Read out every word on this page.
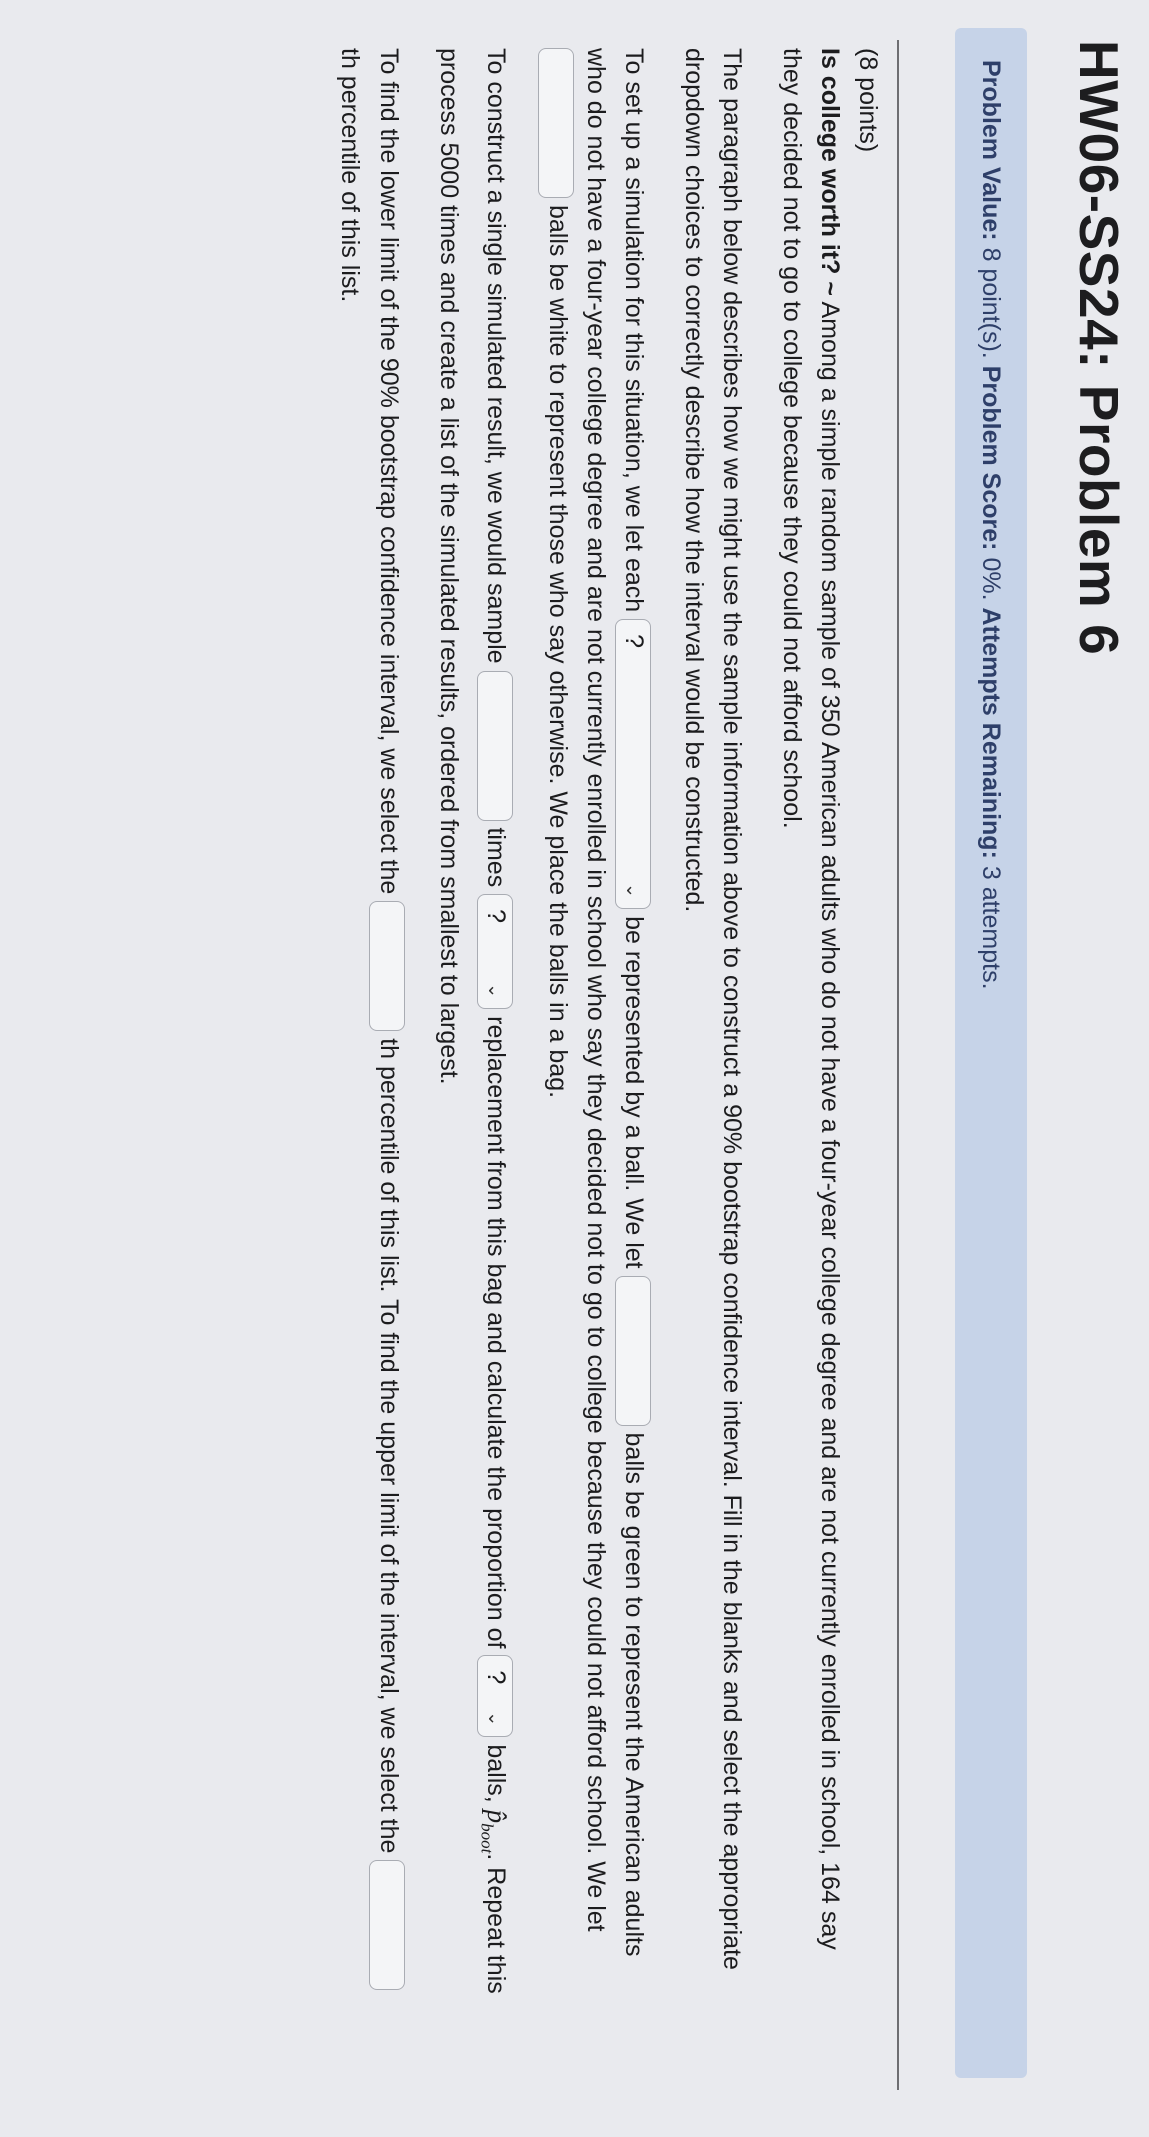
HW06-SS24: Problem 6
Problem Value: 8 point(s). Problem Score: 0%. Attempts Remaining: 3 attempts.

(8 points)

Is college worth it? ~ Among a simple random sample of 350 American adults who do not have a four-year college degree and are not currently enrolled in school, 164 say they decided not to go to college because they could not afford school.

The paragraph below describes how we might use the sample information above to construct a 90% bootstrap confidence interval. Fill in the blanks and select the appropriate dropdown choices to correctly describe how the interval would be constructed.

To set up a simulation for this situation, we let each ?
⌄
be represented by a ball. We let  balls be green to represent the American adults who do not have a four-year college degree and are not currently enrolled in school who say they decided not to go to college because they could not afford school. We let  balls be white to represent those who say otherwise. We place the balls in a bag.

To construct a single simulated result, we would sample  times ?
⌄
replacement from this bag and calculate the proportion of ?
⌄
balls, $p̂_{boot}$. Repeat this process 5000 times and create a list of the simulated results, ordered from smallest to largest.

To find the lower limit of the 90% bootstrap confidence interval, we select the  th percentile of this list. To find the upper limit of the interval, we select the  th percentile of this list.
